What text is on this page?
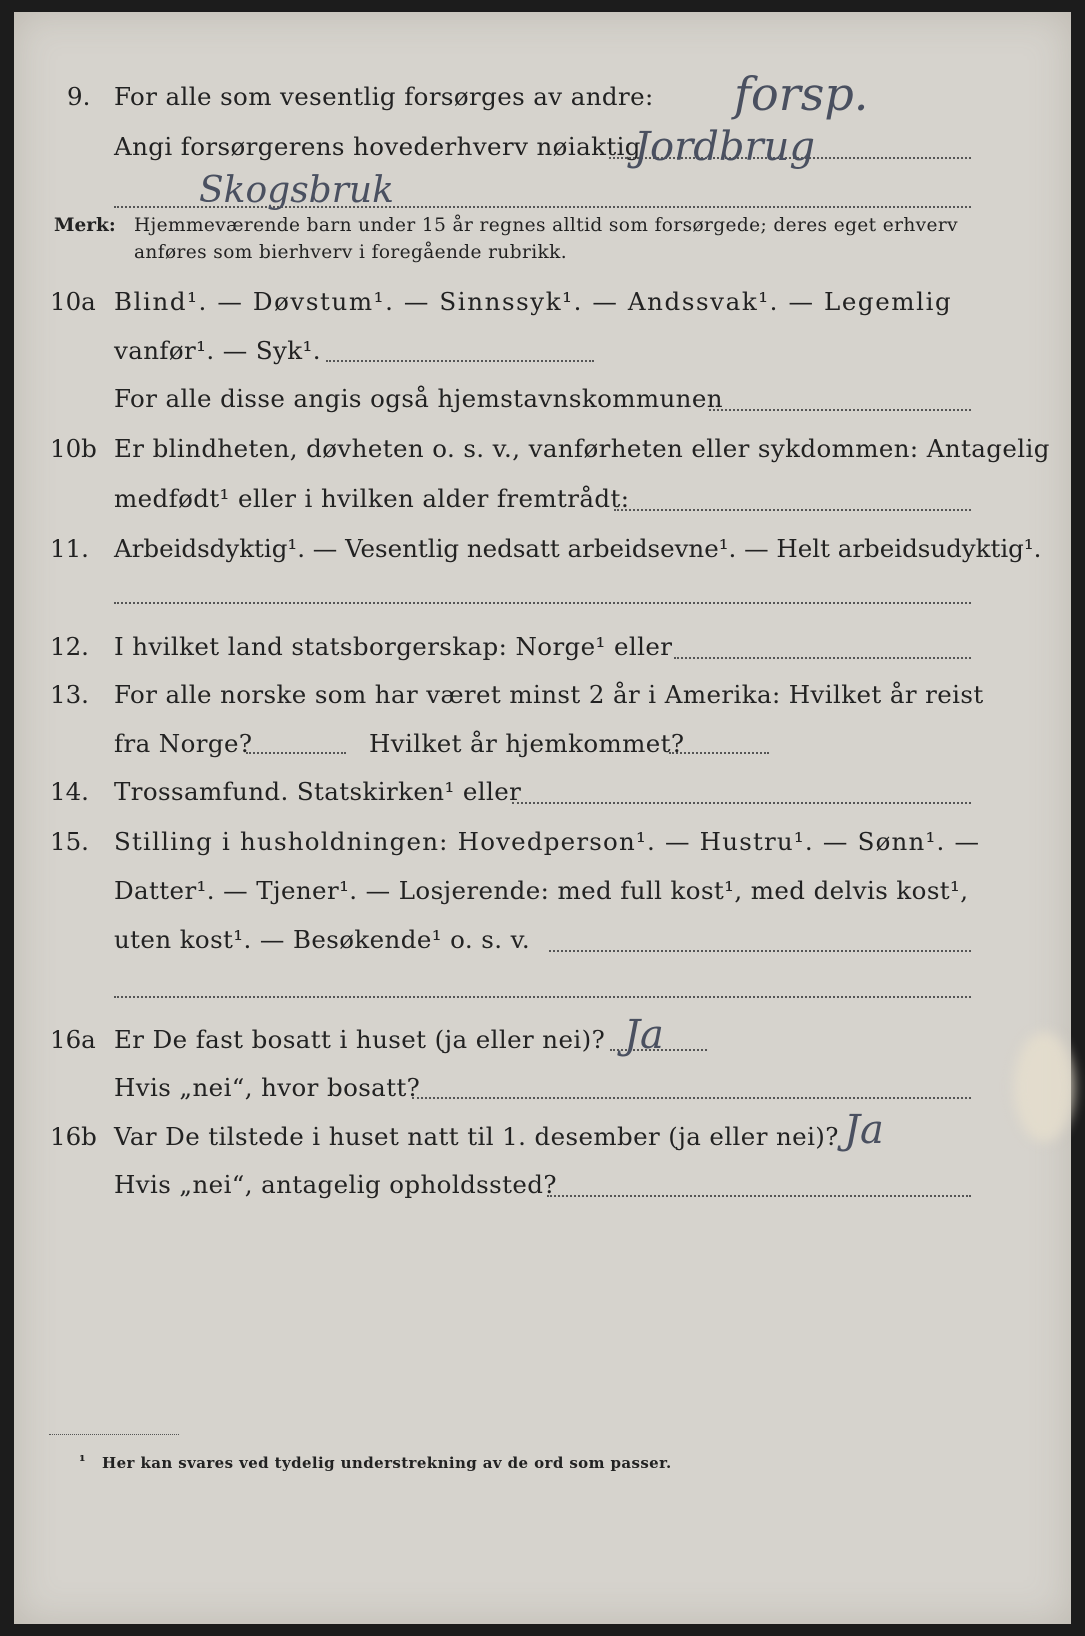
9. For alle som vesentlig forsørges av andre: forsp.
Angi forsørgerens hovederhverv nøiaktig
Jordbrug
Skogsbruk
Merk: Hjemmeværende barn under 15 år regnes alltid som forsørgede; deres eget erhverv
anføres som bierhverv i foregående rubrikk.
10a Blind¹. — Døvstum¹. — Sinnssyk¹. — Andssvak¹. — Legemlig
vanfør¹. — Syk¹.
For alle disse angis også hjemstavnskommunen
10b Er blindheten, døvheten o. s. v., vanførheten eller sykdommen: Antagelig
medfødt¹ eller i hvilken alder fremtrådt:
11. Arbeidsdyktig¹. — Vesentlig nedsatt arbeidsevne¹. — Helt arbeidsudyktig¹.
12. I hvilket land statsborgerskap: Norge¹ eller
13. For alle norske som har været minst 2 år i Amerika: Hvilket år reist
fra Norge?	Hvilket år hjemkommet?
14. Trossamfund. Statskirken¹ eller
15. Stilling i husholdningen: Hovedperson¹. — Hustru¹. — Sønn¹. —
Datter¹. — Tjener¹. — Losjerende: med full kost¹, med delvis kost¹,
uten kost¹. — Besøkende¹ o. s. v.
16a Er De fast bosatt i huset (ja eller nei)? Ja
Hvis „nei“, hvor bosatt?
16b Var De tilstede i huset natt til 1. desember (ja eller nei)? Ja
Hvis „nei“, antagelig opholdssted?
¹ Her kan svares ved tydelig understrekning av de ord som passer.
